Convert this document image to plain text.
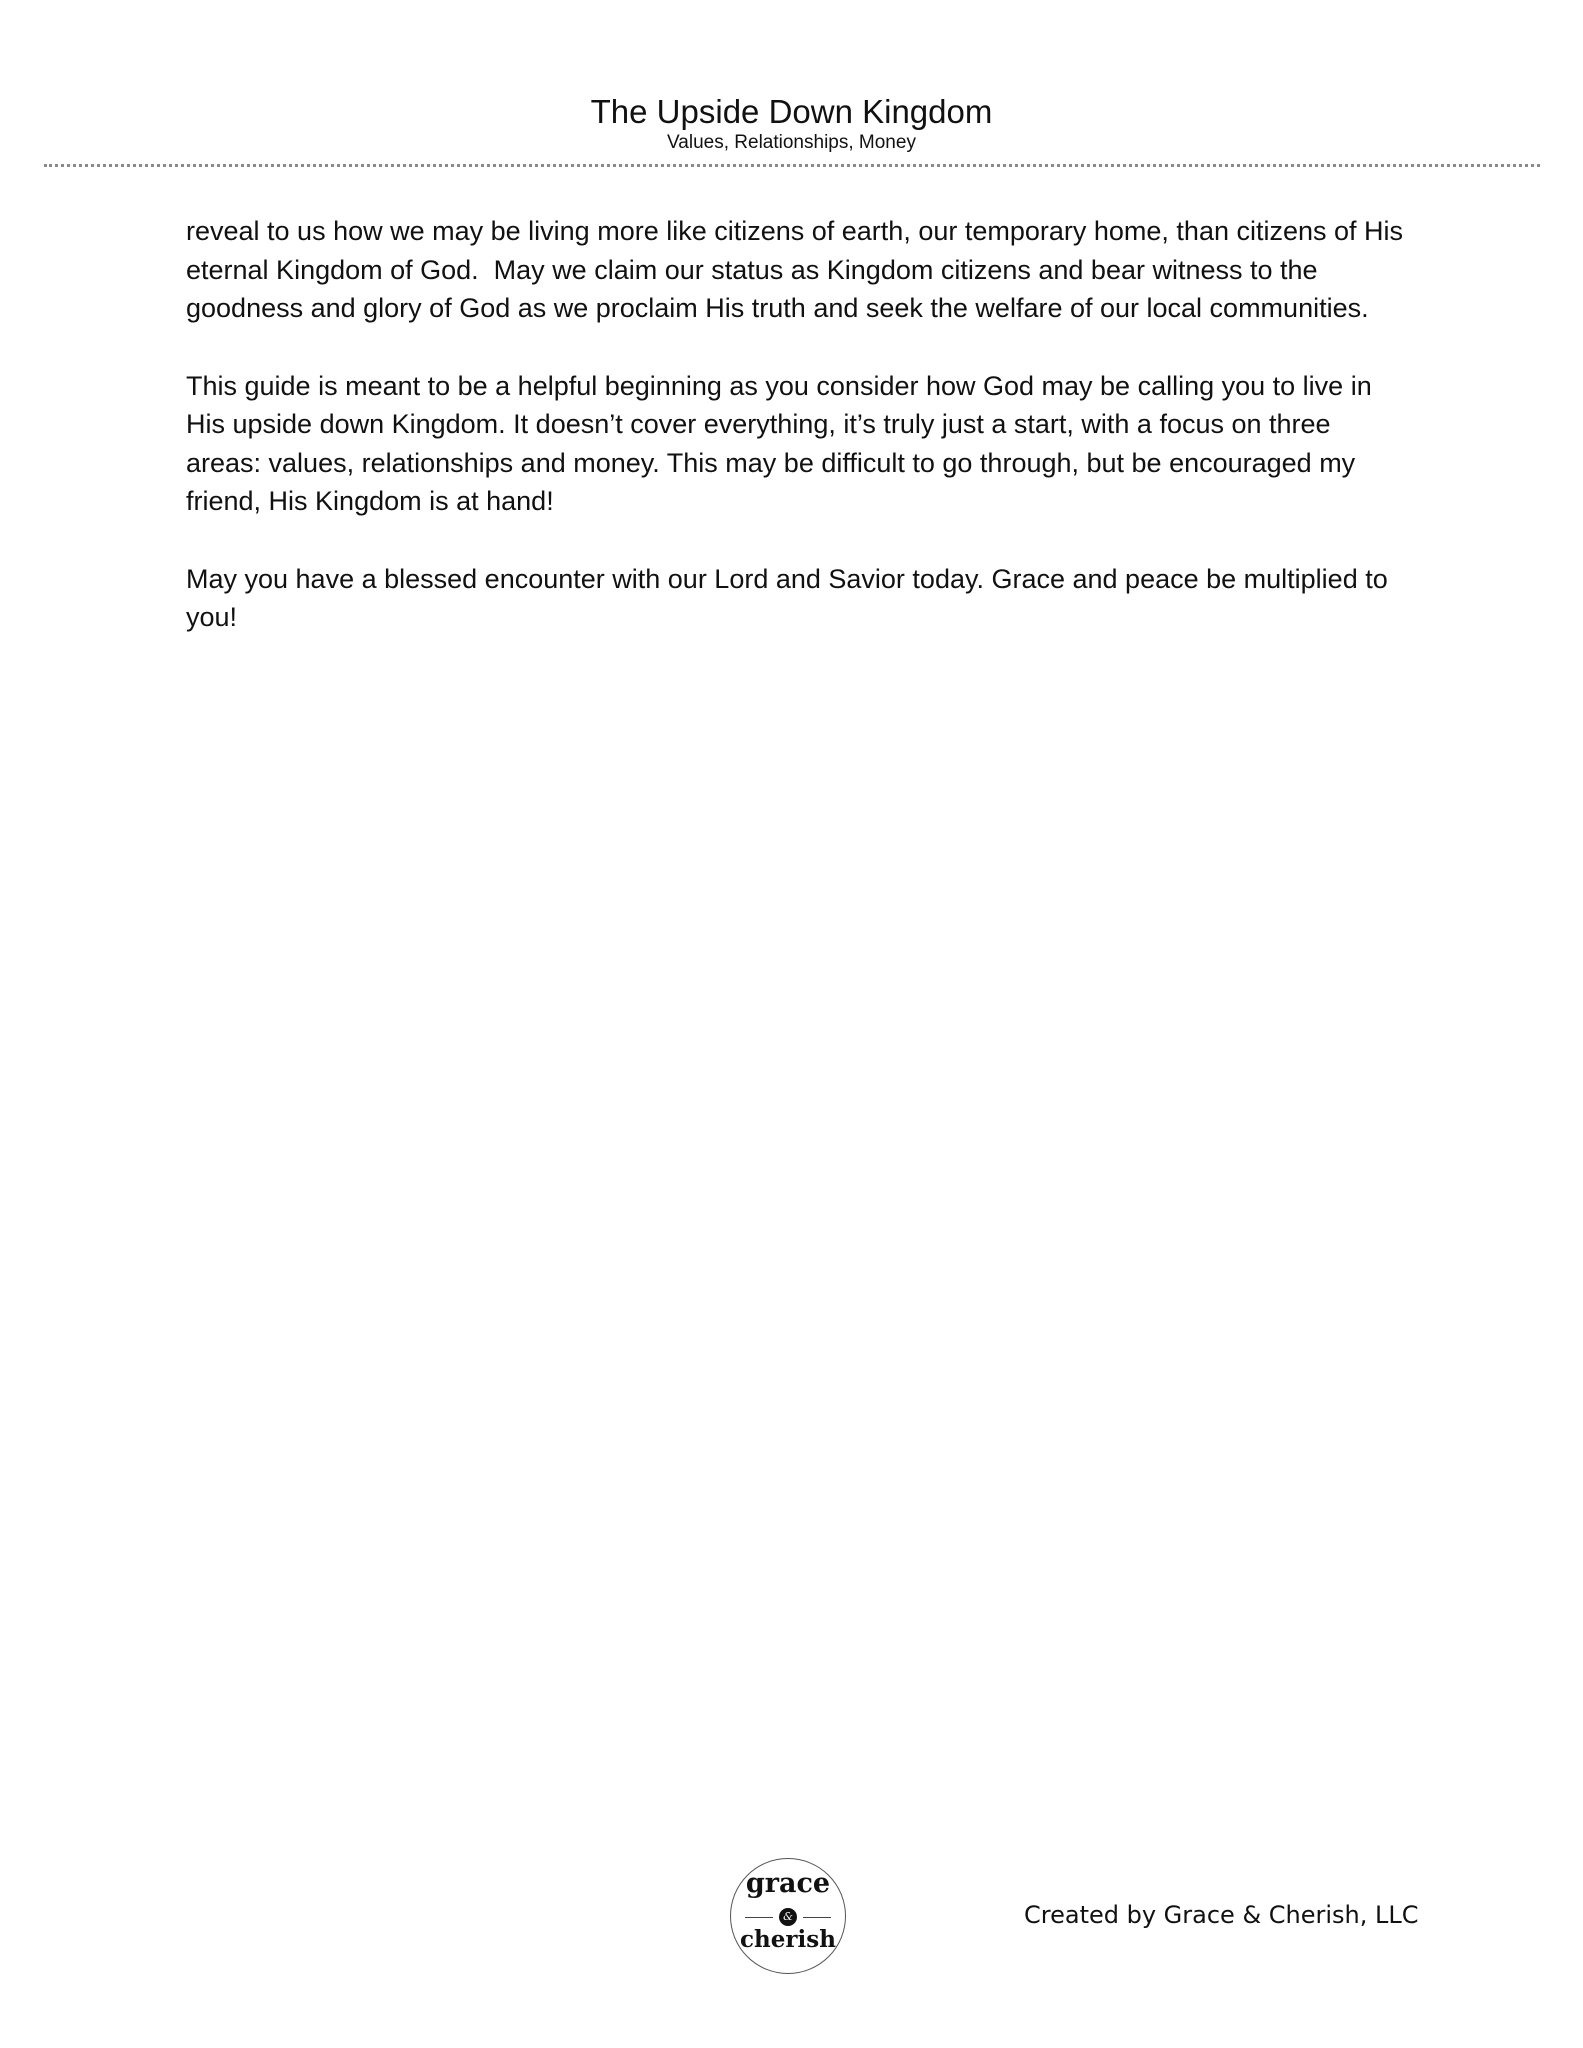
The Upside Down Kingdom
Values, Relationships, Money

reveal to us how we may be living more like citizens of earth, our temporary home, than citizens of His eternal Kingdom of God.  May we claim our status as Kingdom citizens and bear witness to the goodness and glory of God as we proclaim His truth and seek the welfare of our local communities.

This guide is meant to be a helpful beginning as you consider how God may be calling you to live in His upside down Kingdom. It doesn’t cover everything, it’s truly just a start, with a focus on three areas: values, relationships and money. This may be difficult to go through, but be encouraged my friend, His Kingdom is at hand!

May you have a blessed encounter with our Lord and Savior today. Grace and peace be multiplied to you!

grace
&
cherish
Created by Grace & Cherish, LLC
